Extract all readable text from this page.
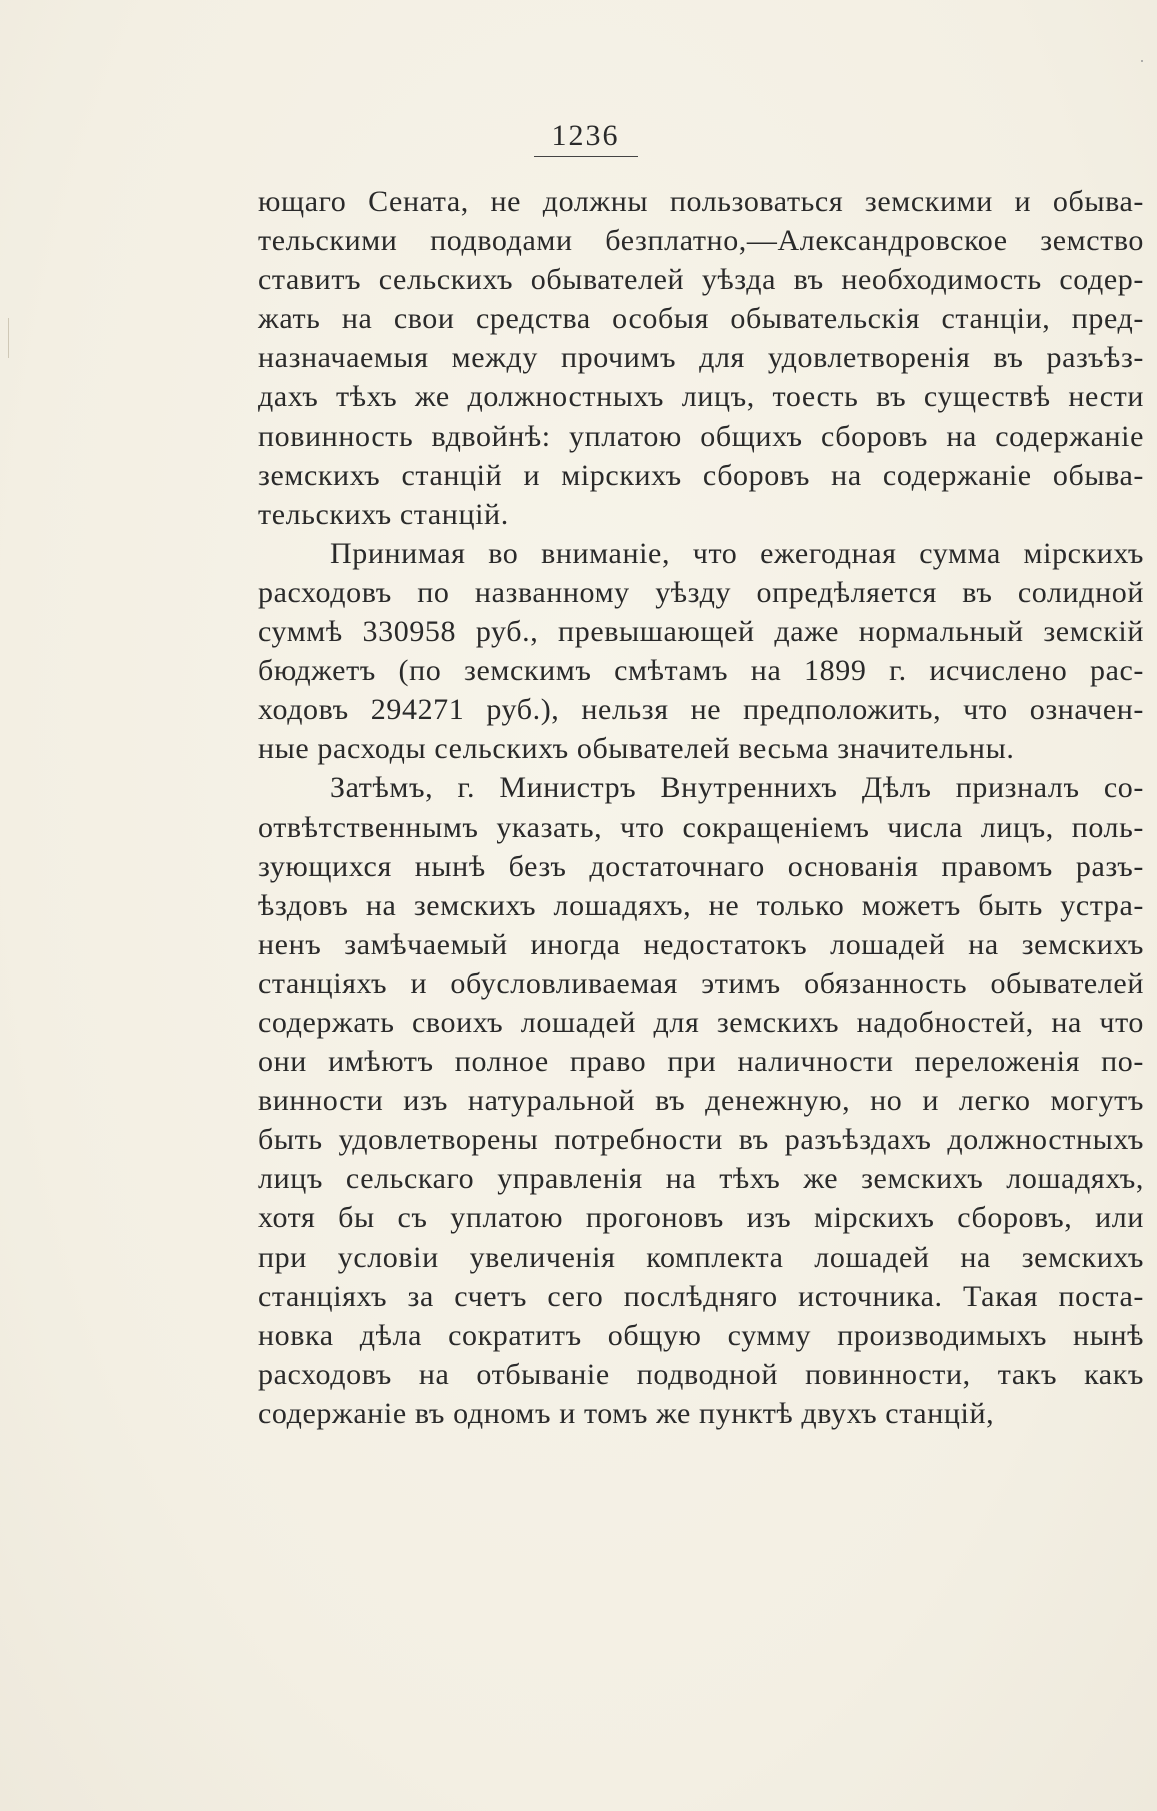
1236
ющаго Сената, не должны пользоваться земскими и обыва-
тельскими подводами безплатно,—Александровское земство
ставитъ сельскихъ обывателей уѣзда въ необходимость содер-
жать на свои средства особыя обывательскія станціи, пред-
назначаемыя между прочимъ для удовлетворенія въ разъѣз-
дахъ тѣхъ же должностныхъ лицъ, тоесть въ существѣ нести
повинность вдвойнѣ: уплатою общихъ сборовъ на содержаніе
земскихъ станцій и мірскихъ сборовъ на содержаніе обыва-
тельскихъ станцій.
Принимая во вниманіе, что ежегодная сумма мірскихъ
расходовъ по названному уѣзду опредѣляется въ солидной
суммѣ 330958 руб., превышающей даже нормальный земскій
бюджетъ (по земскимъ смѣтамъ на 1899 г. исчислено рас-
ходовъ 294271 руб.), нельзя не предположить, что означен-
ные расходы сельскихъ обывателей весьма значительны.
Затѣмъ, г. Министръ Внутреннихъ Дѣлъ призналъ со-
отвѣтственнымъ указать, что сокращеніемъ числа лицъ, поль-
зующихся нынѣ безъ достаточнаго основанія правомъ разъ-
ѣздовъ на земскихъ лошадяхъ, не только можетъ быть устра-
ненъ замѣчаемый иногда недостатокъ лошадей на земскихъ
станціяхъ и обусловливаемая этимъ обязанность обывателей
содержать своихъ лошадей для земскихъ надобностей, на что
они имѣютъ полное право при наличности переложенія по-
винности изъ натуральной въ денежную, но и легко могутъ
быть удовлетворены потребности въ разъѣздахъ должностныхъ
лицъ сельскаго управленія на тѣхъ же земскихъ лошадяхъ,
хотя бы съ уплатою прогоновъ изъ мірскихъ сборовъ, или
при условіи увеличенія комплекта лошадей на земскихъ
станціяхъ за счетъ сего послѣдняго источника. Такая поста-
новка дѣла сократитъ общую сумму производимыхъ нынѣ
расходовъ на отбываніе подводной повинности, такъ какъ
содержаніе въ одномъ и томъ же пунктѣ двухъ станцій,
